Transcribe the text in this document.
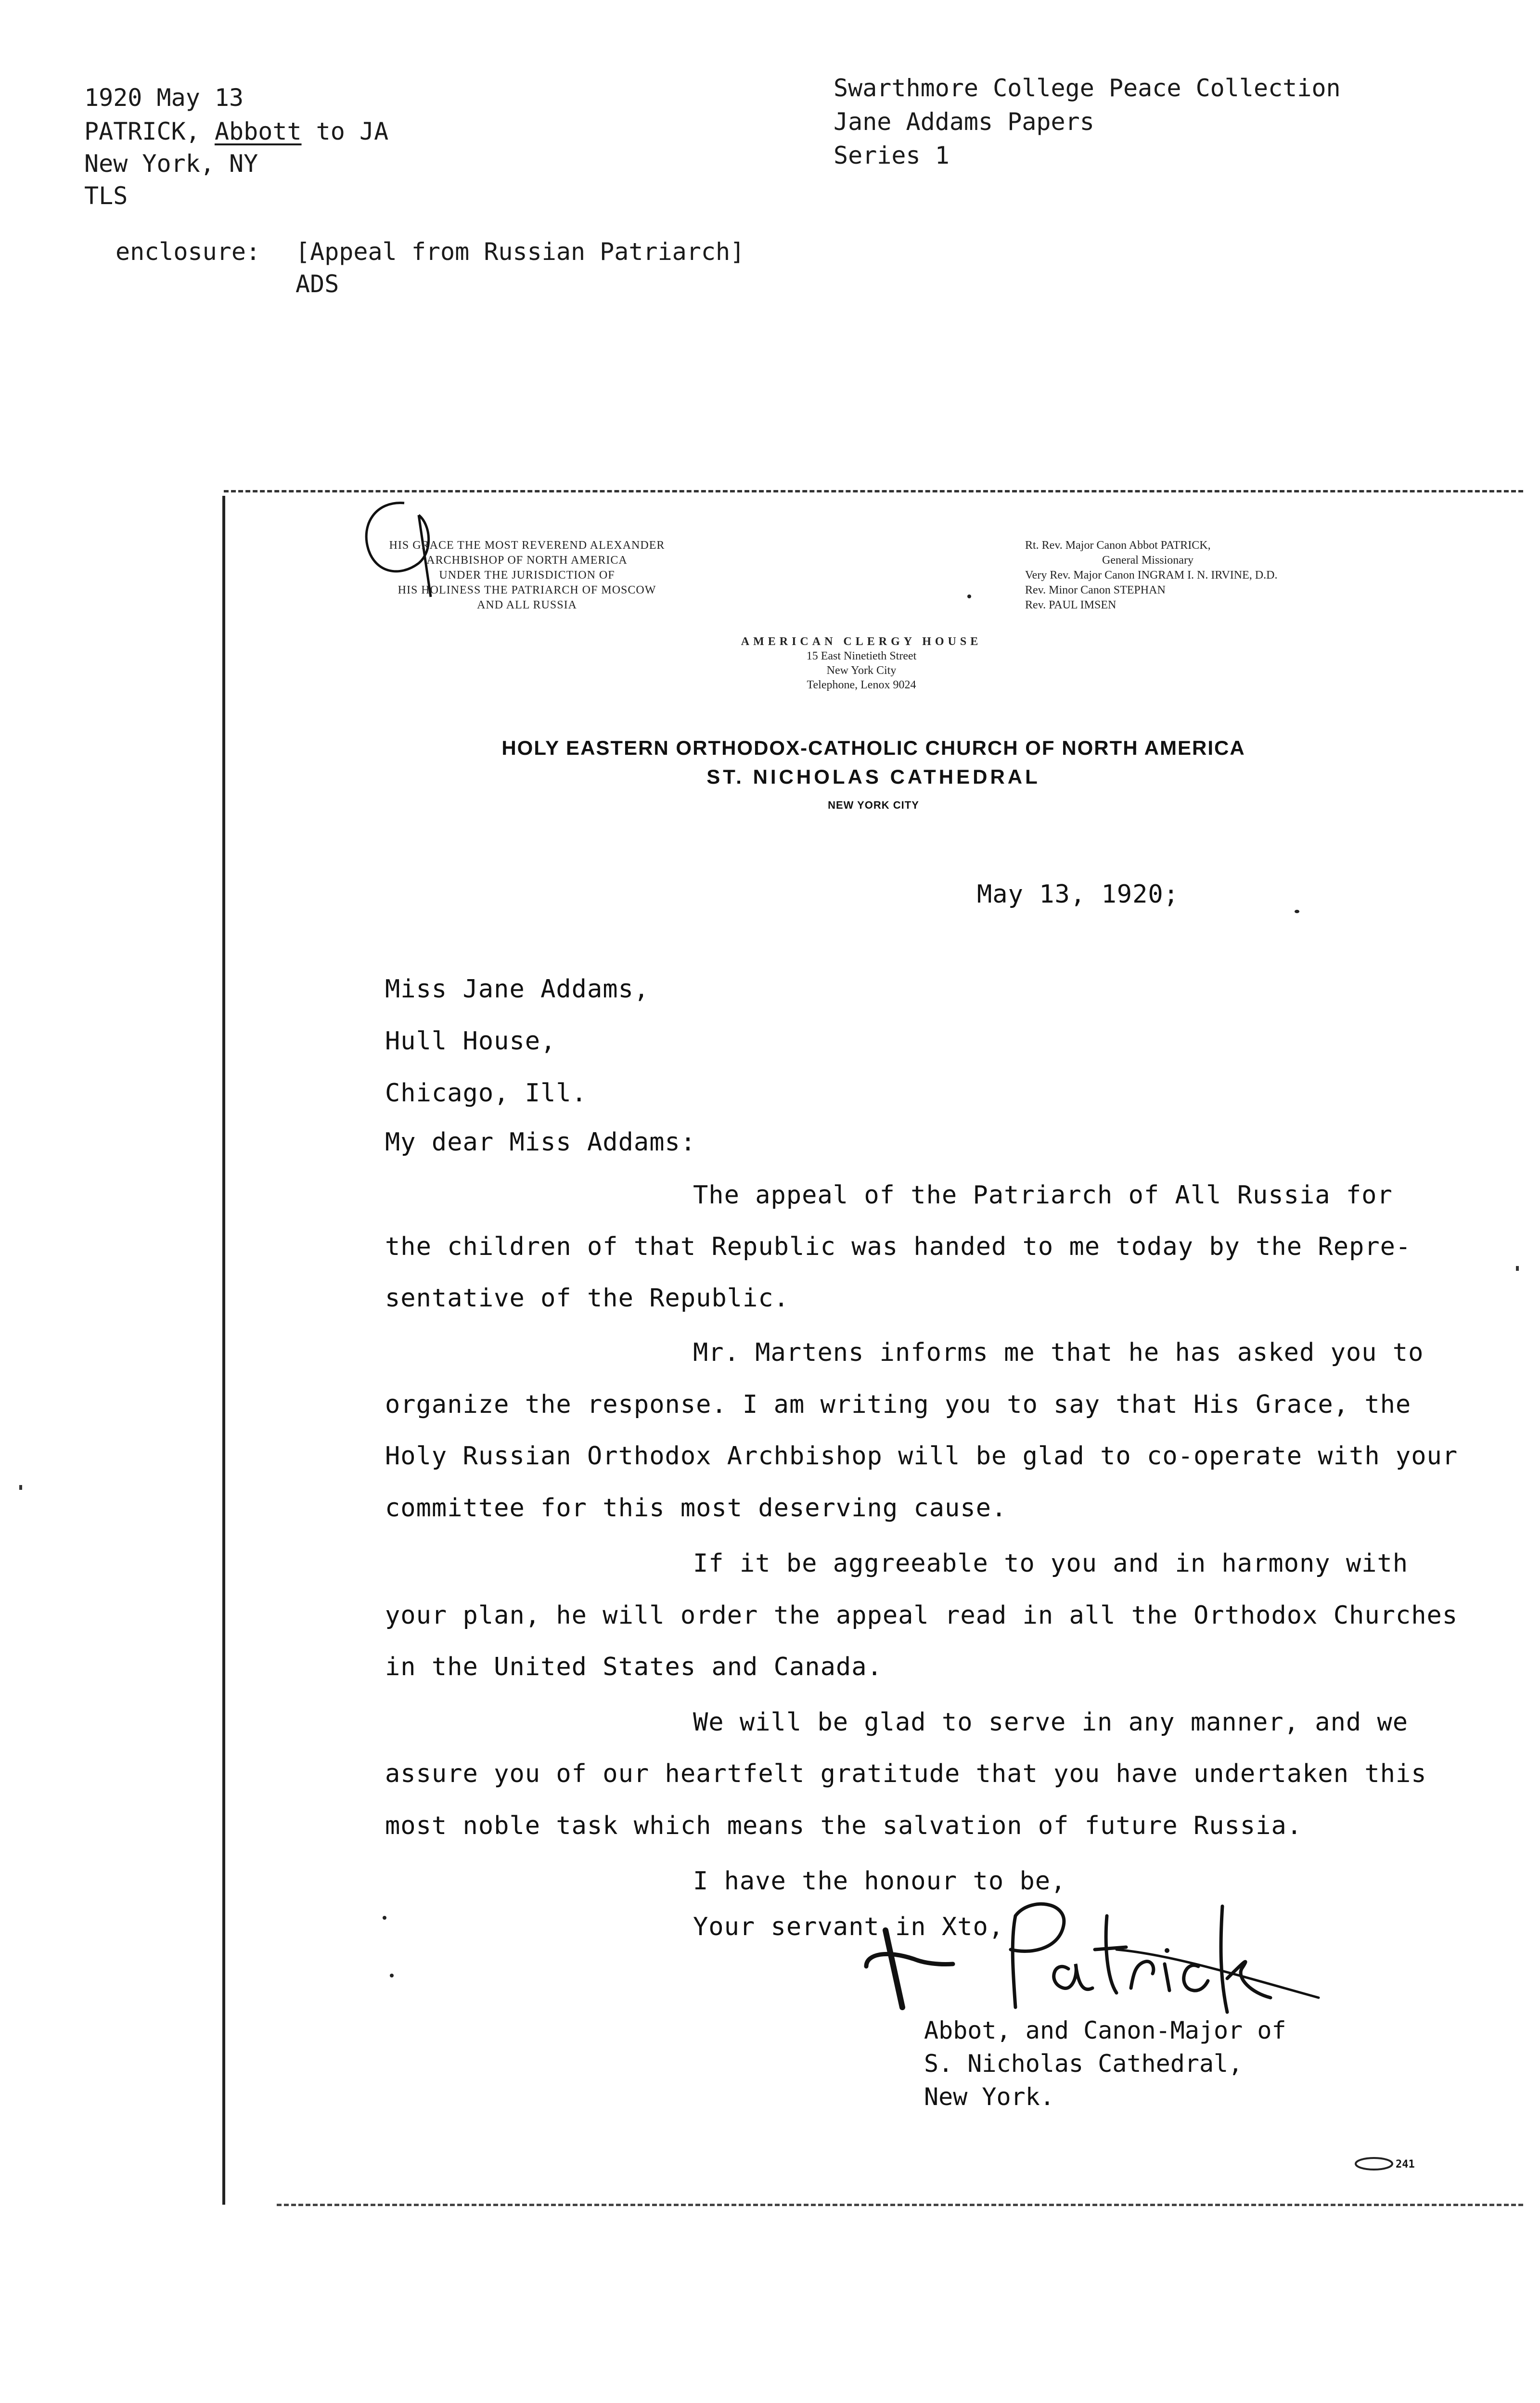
1920 May 13
PATRICK, Abbott to JA
New York, NY
TLS
Swarthmore College Peace Collection
Jane Addams Papers
Series 1
enclosure: [Appeal from Russian Patriarch]
ADS
HIS GRACE THE MOST REVEREND ALEXANDER
ARCHBISHOP OF NORTH AMERICA
UNDER THE JURISDICTION OF
HIS HOLINESS THE PATRIARCH OF MOSCOW
AND ALL RUSSIA
Rt. Rev. Major Canon Abbot PATRICK,
General Missionary
Very Rev. Major Canon INGRAM I. N. IRVINE, D.D.
Rev. Minor Canon STEPHAN
Rev. PAUL IMSEN
AMERICAN CLERGY HOUSE
15 East Ninetieth Street
New York City
Telephone, Lenox 9024
HOLY EASTERN ORTHODOX-CATHOLIC CHURCH OF NORTH AMERICA
ST. NICHOLAS CATHEDRAL
NEW YORK CITY
May 13, 1920;
Miss Jane Addams,
Hull House,
Chicago, Ill.
My dear Miss Addams:
The appeal of the Patriarch of All Russia for
the children of that Republic was handed to me today by the Repre-
sentative of the Republic.
Mr. Martens informs me that he has asked you to
organize the response. I am writing you to say that His Grace, the
Holy Russian Orthodox Archbishop will be glad to co-operate with your
committee for this most deserving cause.
If it be aggreeable to you and in harmony with
your plan, he will order the appeal read in all the Orthodox Churches
in the United States and Canada.
We will be glad to serve in any manner, and we
assure you of our heartfelt gratitude that you have undertaken this
most noble task which means the salvation of future Russia.
I have the honour to be,
Your servant in Xto,
Patrick
Abbot, and Canon-Major of
S. Nicholas Cathedral,
New York.
241
